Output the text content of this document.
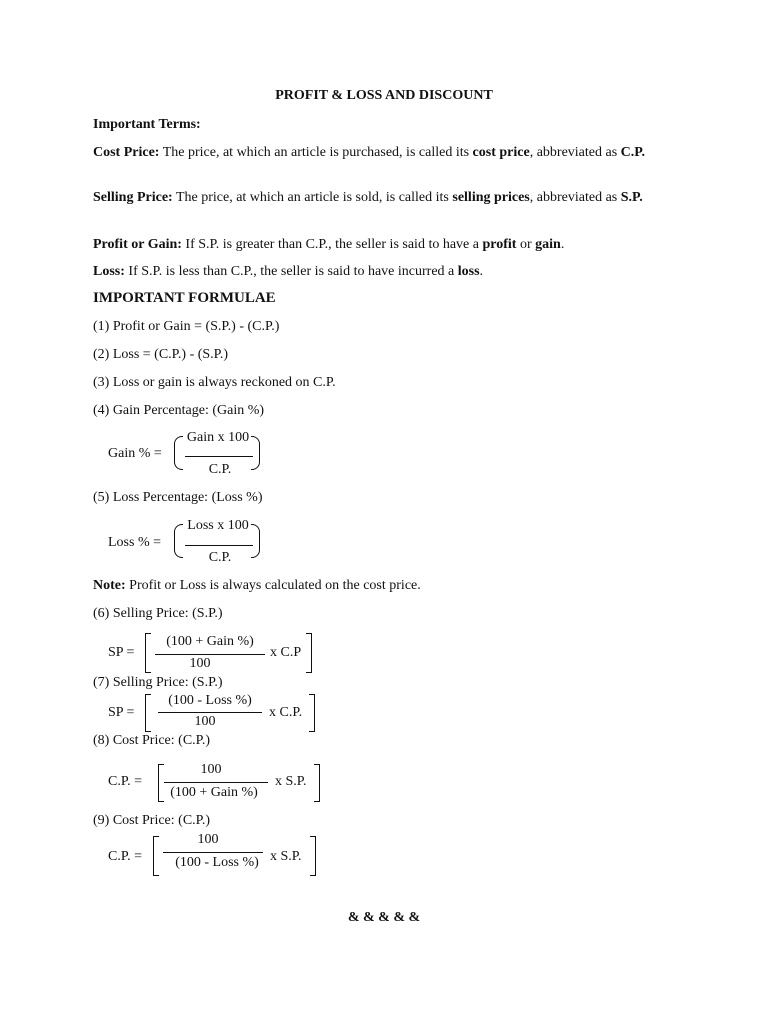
PROFIT & LOSS AND DISCOUNT
Important Terms:
Cost Price: The price, at which an article is purchased, is called its cost price, abbreviated as C.P.
Selling Price: The price, at which an article is sold, is called its selling prices, abbreviated as S.P.
Profit or Gain: If S.P. is greater than C.P., the seller is said to have a profit or gain.
Loss: If S.P. is less than C.P., the seller is said to have incurred a loss.
IMPORTANT FORMULAE
(1) Profit or Gain = (S.P.) - (C.P.)
(2) Loss = (C.P.) - (S.P.)
(3) Loss or gain is always reckoned on C.P.
(4) Gain Percentage: (Gain %)
Gain % =
Gain x 100
C.P.
(5) Loss Percentage: (Loss %)
Loss % =
Loss x 100
C.P.
Note: Profit or Loss is always calculated on the cost price.
(6) Selling Price: (S.P.)
SP =
(100 + Gain %)
100
x C.P
(7) Selling Price: (S.P.)
SP =
(100 - Loss %)
100
x C.P.
(8) Cost Price: (C.P.)
C.P. =
100
(100 + Gain %)
x S.P.
(9) Cost Price: (C.P.)
C.P. =
100
(100 - Loss %) x S.P.
& & & & &
